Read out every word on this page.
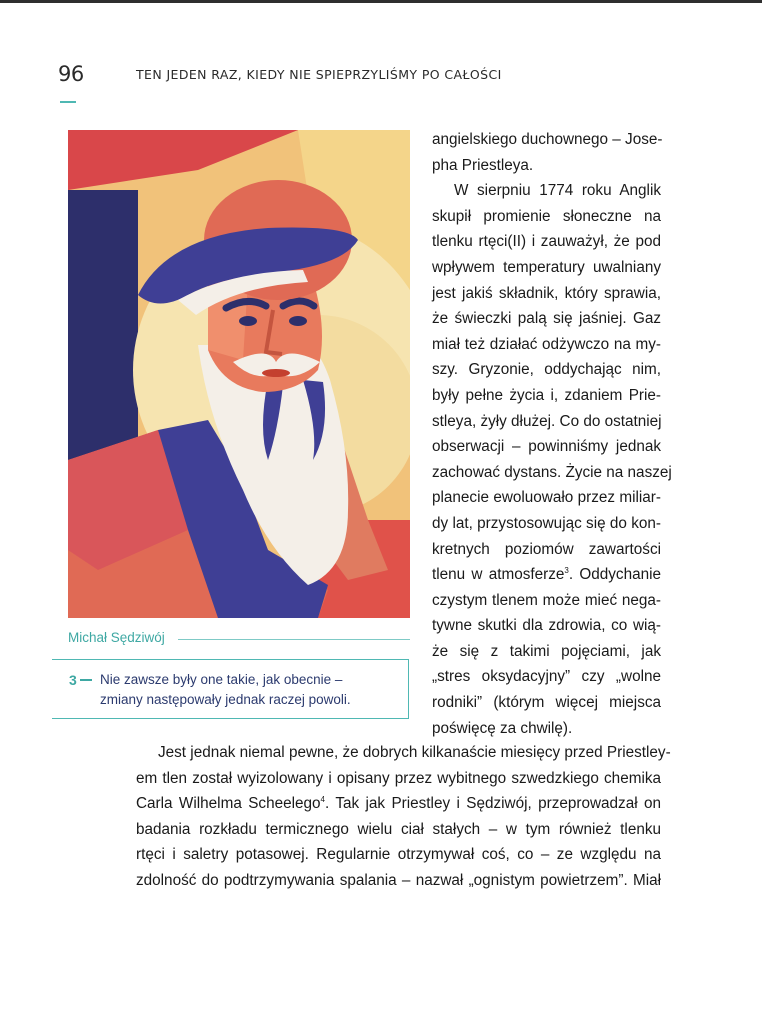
96	TEN JEDEN RAZ, KIEDY NIE SPIEPRZYLIŚMY PO CAŁOŚCI
Michał Sędziwój
3 Nie zawsze były one takie, jak obecnie –
zmiany następowały jednak raczej powoli.
angielskiego duchownego – Jose-
pha Priestleya.
W sierpniu 1774 roku Anglik
skupił promienie słoneczne na
tlenku rtęci(II) i zauważył, że pod
wpływem temperatury uwalniany
jest jakiś składnik, który sprawia,
że świeczki palą się jaśniej. Gaz
miał też działać odżywczo na my-
szy. Gryzonie, oddychając nim,
były pełne życia i, zdaniem Prie-
stleya, żyły dłużej. Co do ostatniej
obserwacji – powinniśmy jednak
zachować dystans. Życie na naszej
planecie ewoluowało przez miliar-
dy lat, przystosowując się do kon-
kretnych poziomów zawartości
tlenu w atmosferze$^3$. Oddychanie
czystym tlenem może mieć nega-
tywne skutki dla zdrowia, co wią-
że się z takimi pojęciami, jak
„stres oksydacyjny” czy „wolne
rodniki” (którym więcej miejsca
poświęcę za chwilę).
Jest jednak niemal pewne, że dobrych kilkanaście miesięcy przed Priestley-
em tlen został wyizolowany i opisany przez wybitnego szwedzkiego chemika
Carla Wilhelma Scheelego$^4$. Tak jak Priestley i Sędziwój, przeprowadzał on
badania rozkładu termicznego wielu ciał stałych – w tym również tlenku
rtęci i saletry potasowej. Regularnie otrzymywał coś, co – ze względu na
zdolność do podtrzymywania spalania – nazwał „ognistym powietrzem”. Miał
